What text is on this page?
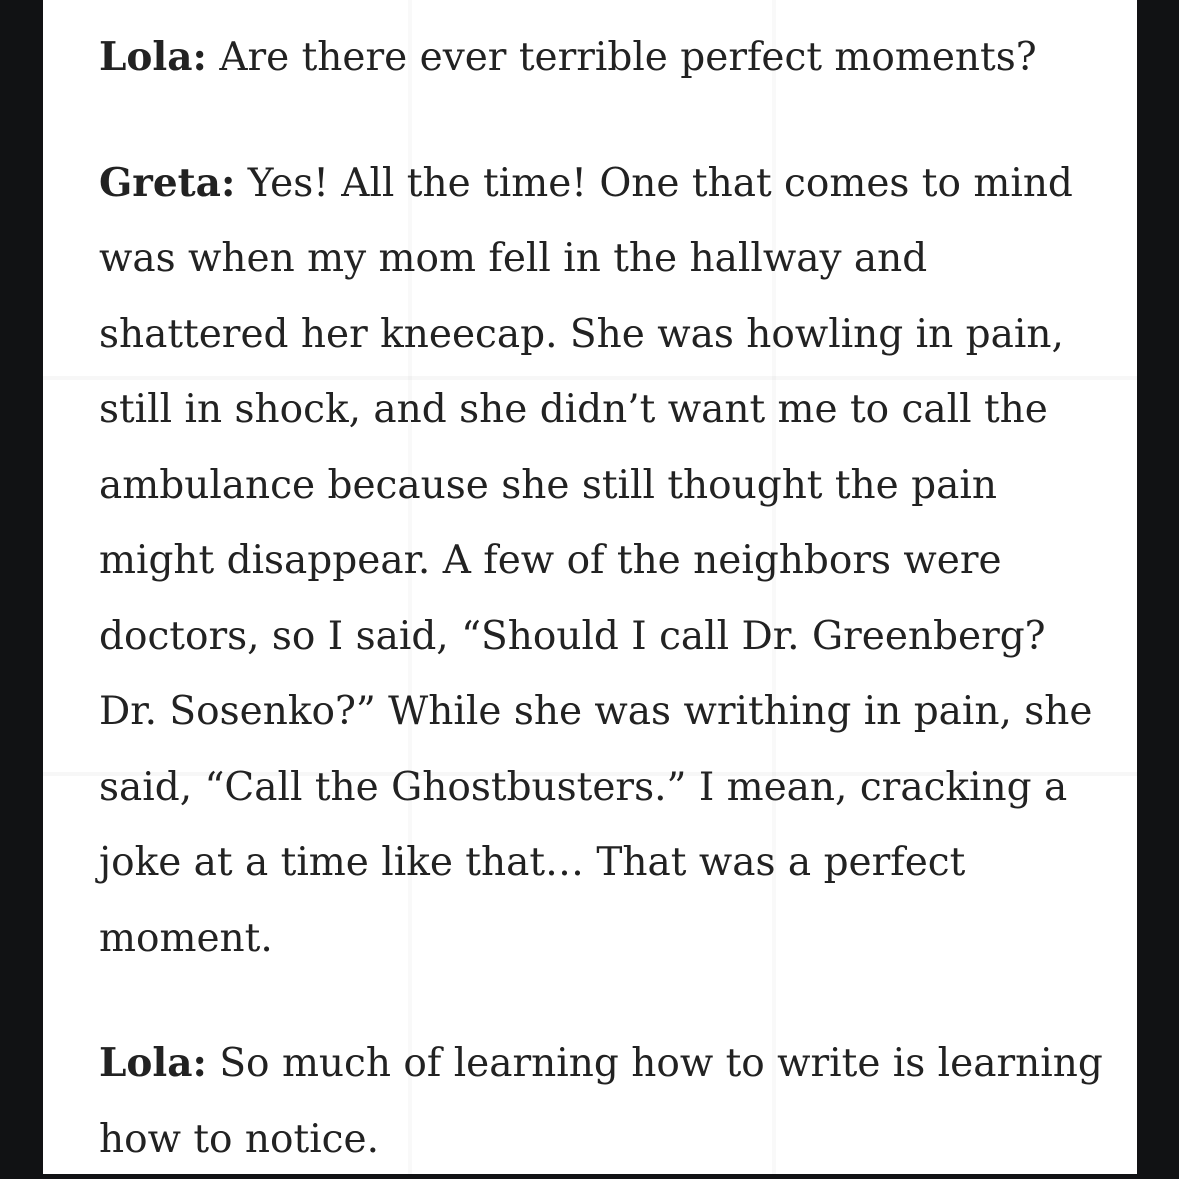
Lola: Are there ever terrible perfect moments?

Greta: Yes! All the time! One that comes to mind was when my mom fell in the hallway and shattered her kneecap. She was howling in pain, still in shock, and she didn’t want me to call the ambulance because she still thought the pain might disappear. A few of the neighbors were doctors, so I said, “Should I call Dr. Greenberg? Dr. Sosenko?” While she was writhing in pain, she said, “Call the Ghostbusters.” I mean, cracking a joke at a time like that… That was a perfect moment.

Lola: So much of learning how to write is learning how to notice.
